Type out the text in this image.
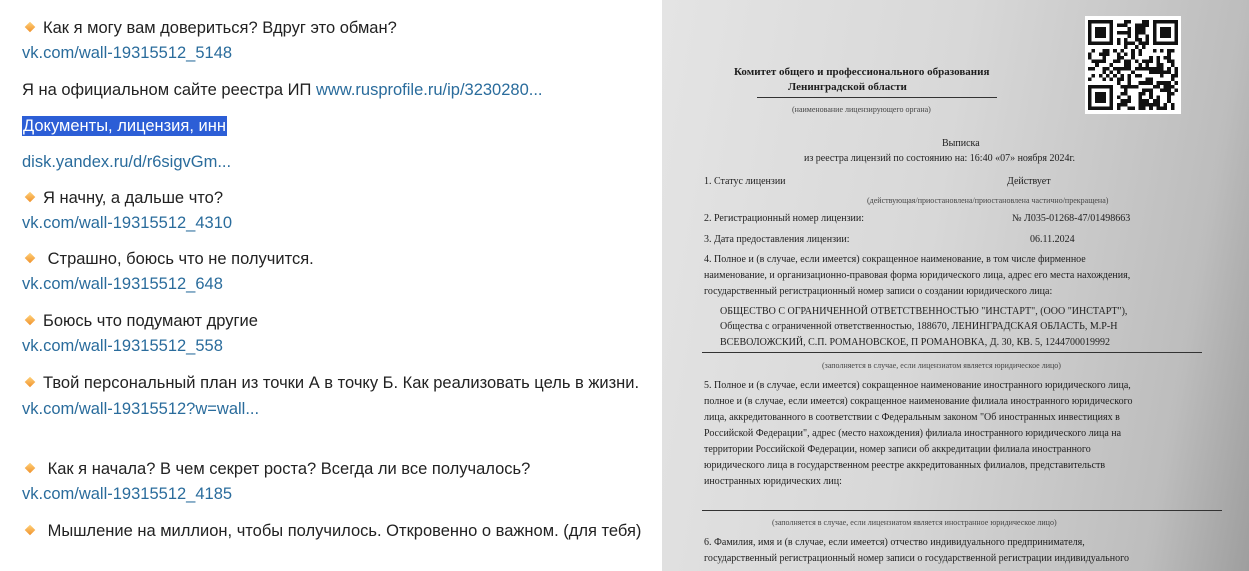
Как я могу вам довериться? Вдруг это обман?
vk.com/wall-19315512_5148
Я на официальном сайте реестра ИП www.rusprofile.ru/ip/3230280...
Документы, лицензия, инн
disk.yandex.ru/d/r6sigvGm...
Я начну, а дальше что?
vk.com/wall-19315512_4310
Страшно, боюсь что не получится.
vk.com/wall-19315512_648
Боюсь что подумают другие
vk.com/wall-19315512_558
Твой персональный план из точки А в точку Б. Как реализовать цель в жизни.
vk.com/wall-19315512?w=wall...
Как я начала? В чем секрет роста? Всегда ли все получалось?
vk.com/wall-19315512_4185
Мышление на миллион, чтобы получилось. Откровенно о важном. (для тебя)
Комитет общего и профессионального образования
Ленинградской области
(наименование лицензирующего органа)
Выписка
из реестра лицензий по состоянию на: 16:40 «07» ноября 2024г.
1. Статус лицензии	Действует
(действующая/приостановлена/приостановлена частично/прекращена)
2. Регистрационный номер лицензии:	№ Л035-01268-47/01498663
3. Дата предоставления лицензии:	06.11.2024
4. Полное и (в случае, если имеется) сокращенное наименование, в том числе фирменное
наименование, и организационно-правовая форма юридического лица, адрес его места нахождения,
государственный регистрационный номер записи о создании юридического лица:
ОБЩЕСТВО С ОГРАНИЧЕННОЙ ОТВЕТСТВЕННОСТЬЮ "ИНСТАРТ", (ООО "ИНСТАРТ"),
Общества с ограниченной ответственностью, 188670, ЛЕНИНГРАДСКАЯ ОБЛАСТЬ, М.Р-Н
ВСЕВОЛОЖСКИЙ, С.П. РОМАНОВСКОЕ, П РОМАНОВКА, Д. 30, КВ. 5, 1244700019992
(заполняется в случае, если лицензиатом является юридическое лицо)
5. Полное и (в случае, если имеется) сокращенное наименование иностранного юридического лица,
полное и (в случае, если имеется) сокращенное наименование филиала иностранного юридического
лица, аккредитованного в соответствии с Федеральным законом "Об иностранных инвестициях в
Российской Федерации", адрес (место нахождения) филиала иностранного юридического лица на
территории Российской Федерации, номер записи об аккредитации филиала иностранного
юридического лица в государственном реестре аккредитованных филиалов, представительств
иностранных юридических лиц:
(заполняется в случае, если лицензиатом является иностранное юридическое лицо)
6. Фамилия, имя и (в случае, если имеется) отчество индивидуального предпринимателя,
государственный регистрационный номер записи о государственной регистрации индивидуального
